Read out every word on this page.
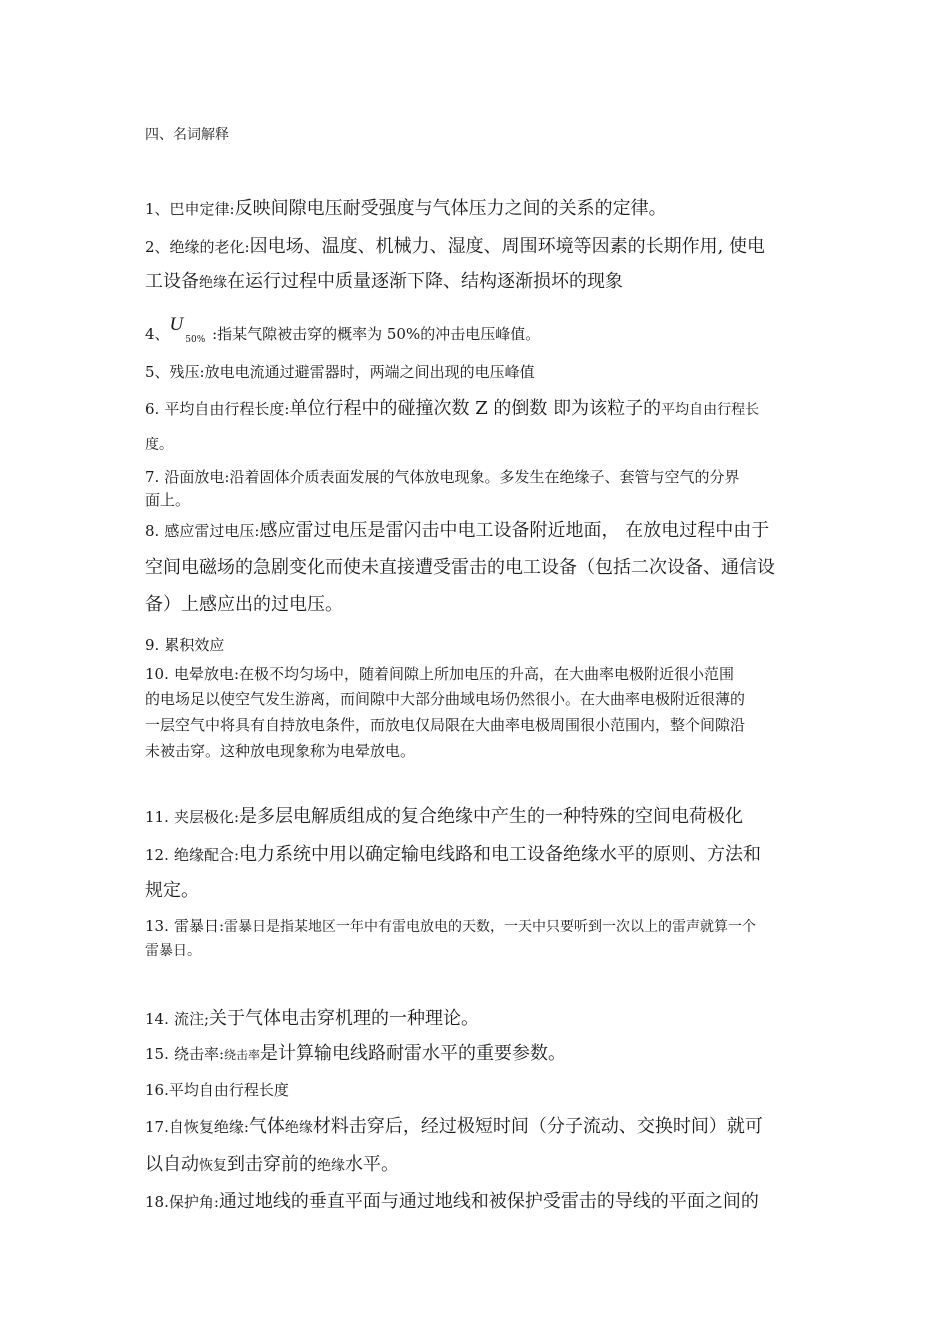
四、名词解释
1、巴申定律:反映间隙电压耐受强度与气体压力之间的关系的定律。
2、绝缘的老化:因电场、温度、机械力、湿度、周围环境等因素的长期作用, 使电
工设备绝缘在运行过程中质量逐渐下降、结构逐渐损坏的现象
4、U50% :指某气隙被击穿的概率为 50%的冲击电压峰值。
5、残压:放电电流通过避雷器时，两端之间出现的电压峰值
6. 平均自由行程长度:单位行程中的碰撞次数 Z 的倒数 即为该粒子的平均自由行程长
度。
7. 沿面放电:沿着固体介质表面发展的气体放电现象。多发生在绝缘子、套管与空气的分界
面上。
8. 感应雷过电压:感应雷过电压是雷闪击中电工设备附近地面， 在放电过程中由于
空间电磁场的急剧变化而使未直接遭受雷击的电工设备（包括二次设备、通信设
备）上感应出的过电压。
9. 累积效应
10. 电晕放电:在极不均匀场中，随着间隙上所加电压的升高，在大曲率电极附近很小范围
的电场足以使空气发生游离，而间隙中大部分曲域电场仍然很小。在大曲率电极附近很薄的
一层空气中将具有自持放电条件，而放电仅局限在大曲率电极周围很小范围内，整个间隙沿
未被击穿。这种放电现象称为电晕放电。
11. 夹层极化:是多层电解质组成的复合绝缘中产生的一种特殊的空间电荷极化
12. 绝缘配合:电力系统中用以确定输电线路和电工设备绝缘水平的原则、方法和
规定。
13. 雷暴日:雷暴日是指某地区一年中有雷电放电的天数，一天中只要听到一次以上的雷声就算一个
雷暴日。
14. 流注;关于气体电击穿机理的一种理论。
15. 绕击率:绕击率是计算输电线路耐雷水平的重要参数。
16.平均自由行程长度
17.自恢复绝缘:气体绝缘材料击穿后，经过极短时间（分子流动、交换时间）就可
以自动恢复到击穿前的绝缘水平。
18.保护角:通过地线的垂直平面与通过地线和被保护受雷击的导线的平面之间的
